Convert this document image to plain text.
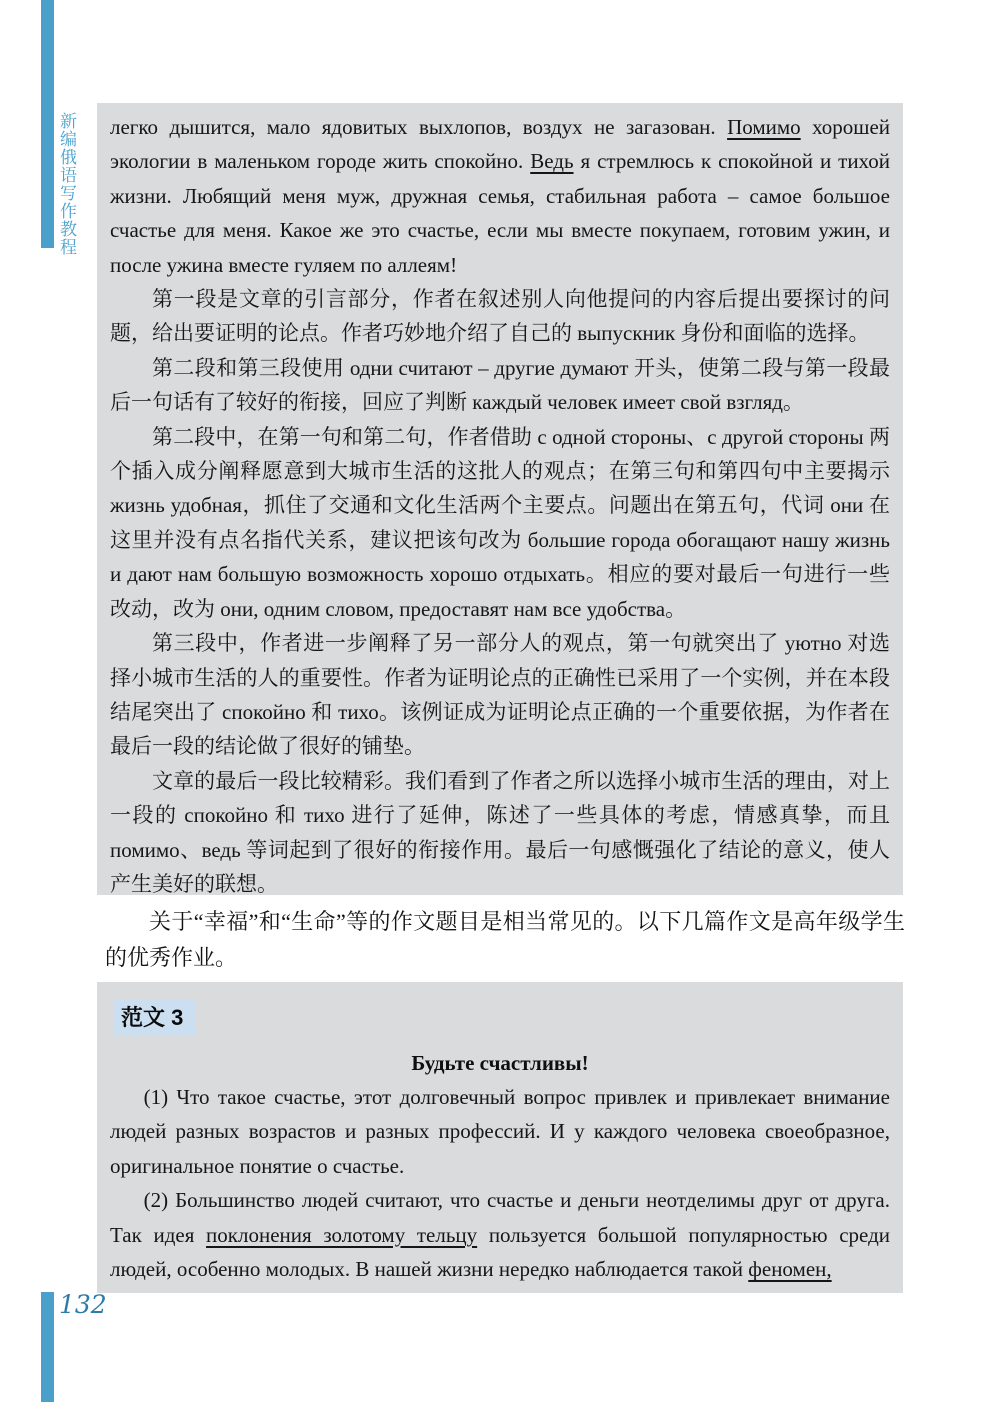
新编俄语写作教程 легко дышится, мало ядовитых выхлопов, воздух не загазован. Помимо хорошей экологии в маленьком городе жить спокойно. Ведь я стремлюсь к спокойной и тихой жизни. Любящий меня муж, дружная семья, стабильная работа – самое большое счастье для меня. Какое же это счастье, если мы вместе покупаем, готовим ужин, и после ужина вместе гуляем по аллеям!

第一段是文章的引言部分，作者在叙述别人向他提问的内容后提出要探讨的问题，给出要证明的论点。作者巧妙地介绍了自己的 выпускник 身份和面临的选择。

第二段和第三段使用 одни считают – другие думают 开头，使第二段与第一段最后一句话有了较好的衔接，回应了判断 каждый человек имеет свой взгляд。

第二段中，在第一句和第二句，作者借助 с одной стороны、с другой стороны 两个插入成分阐释愿意到大城市生活的这批人的观点；在第三句和第四句中主要揭示 жизнь удобная，抓住了交通和文化生活两个主要点。问题出在第五句，代词 они 在这里并没有点名指代关系，建议把该句改为 большие города обогащают нашу жизнь и дают нам большую возможность хорошо отдыхать。相应的要对最后一句进行一些改动，改为 они, одним словом, предоставят нам все удобства。

第三段中，作者进一步阐释了另一部分人的观点，第一句就突出了 уютно 对选择小城市生活的人的重要性。作者为证明论点的正确性已采用了一个实例，并在本段结尾突出了 спокойно 和 тихо。该例证成为证明论点正确的一个重要依据，为作者在最后一段的结论做了很好的铺垫。

文章的最后一段比较精彩。我们看到了作者之所以选择小城市生活的理由，对上一段的 спокойно 和 тихо 进行了延伸，陈述了一些具体的考虑，情感真挚，而且 помимо、ведь 等词起到了很好的衔接作用。最后一句感慨强化了结论的意义，使人产生美好的联想。

关于“幸福”和“生命”等的作文题目是相当常见的。以下几篇作文是高年级学生的优秀作业。

范文 3
Будьте счастливы!

(1) Что такое счастье, этот долговечный вопрос привлек и привлекает внимание людей разных возрастов и разных профессий. И у каждого человека своеобразное, оригинальное понятие о счастье.

(2) Большинство людей считают, что счастье и деньги неотделимы друг от друга. Так идея поклонения золотому тельцу пользуется большой популярностью среди людей, особенно молодых. В нашей жизни нередко наблюдается такой феномен,

132
